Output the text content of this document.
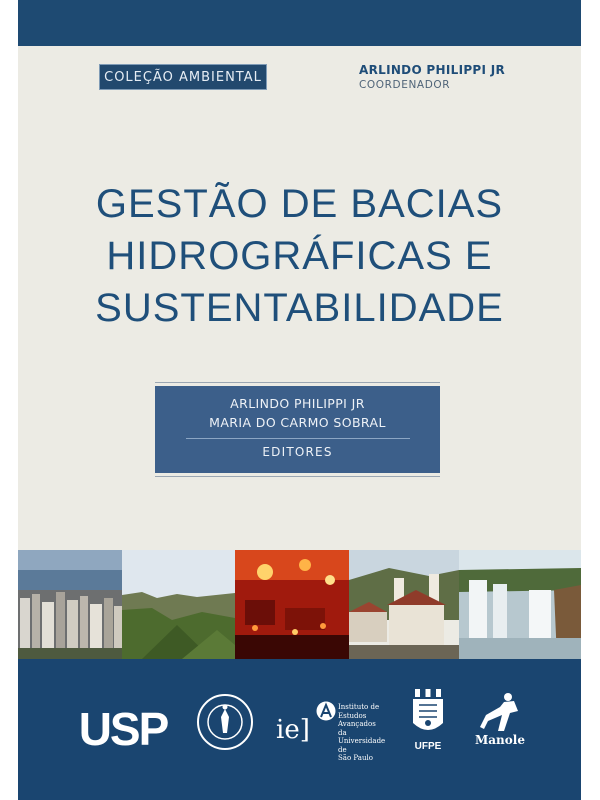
COLEÇÃO AMBIENTAL	ARLINDO PHILIPPI JR
COORDENADOR
GESTÃO DE BACIAS
HIDROGRÁFICAS E
SUSTENTABILIDADE
ARLINDO PHILIPPI JR
MARIA DO CARMO SOBRAL
EDITORES
USP	ie]
Instituto de
Estudos
Avançados da
Universidade de
São Paulo
UFPE	Manole
